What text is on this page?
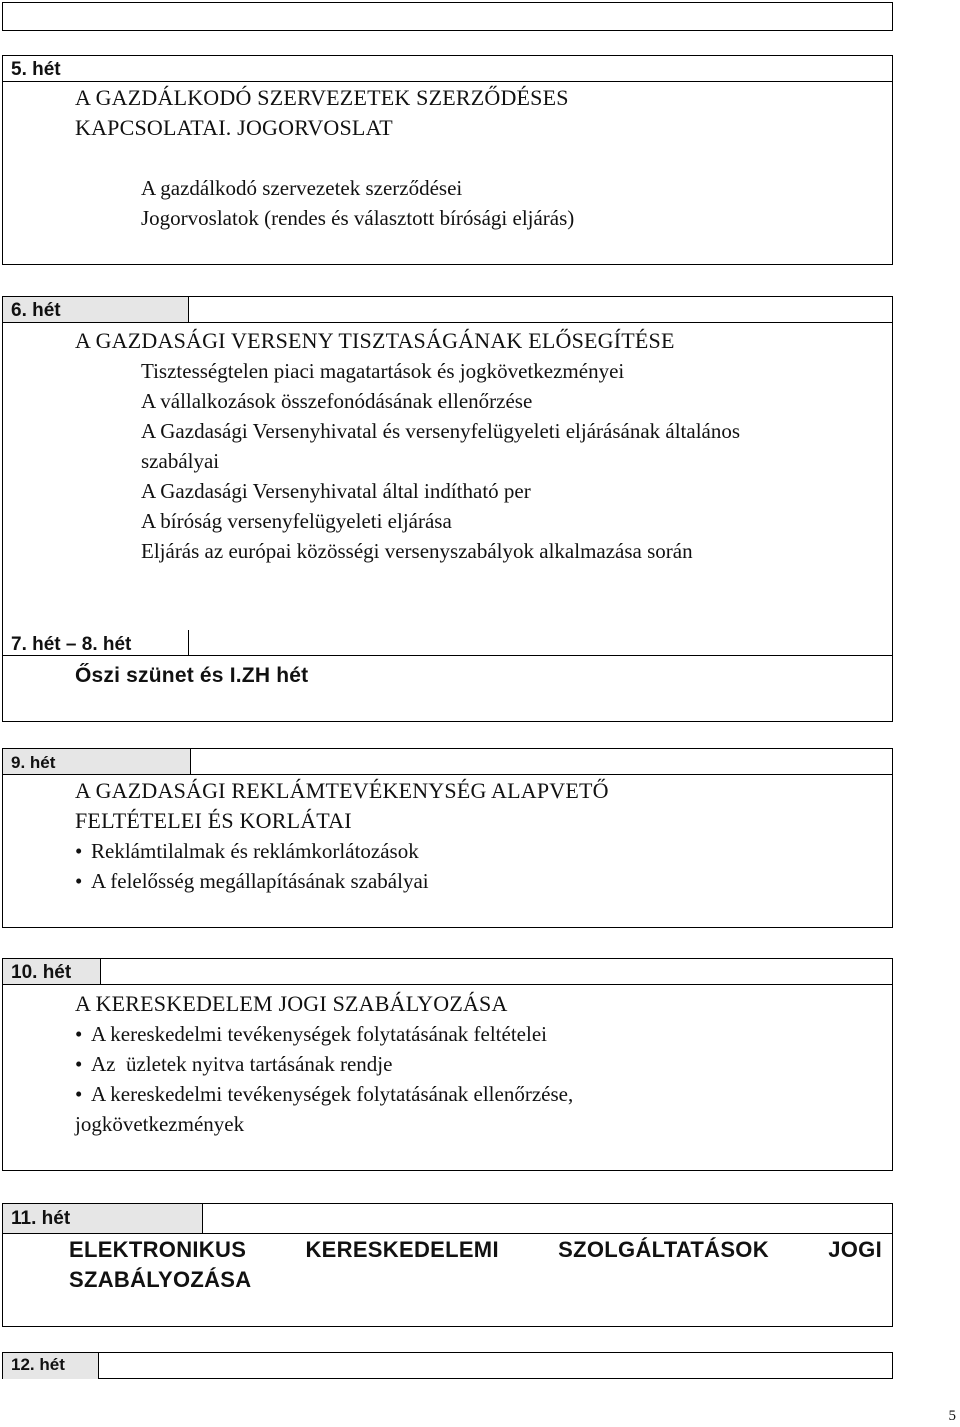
5. hét

A GAZDÁLKODÓ SZERVEZETEK SZERZŐDÉSES

KAPCSOLATAI. JOGORVOSLAT

A gazdálkodó szervezetek szerződései

Jogorvoslatok (rendes és választott bírósági eljárás)

6. hét

A GAZDASÁGI VERSENY TISZTASÁGÁNAK ELŐSEGÍTÉSE

Tisztességtelen piaci magatartások és jogkövetkezményei

A vállalkozások összefonódásának ellenőrzése

A Gazdasági Versenyhivatal és versenyfelügyeleti eljárásának általános

szabályai

A Gazdasági Versenyhivatal által indítható per

A bíróság versenyfelügyeleti eljárása

Eljárás az európai közösségi versenyszabályok alkalmazása során

7. hét – 8. hét

Őszi szünet és I.ZH hét

9. hét

A GAZDASÁGI REKLÁMTEVÉKENYSÉG ALAPVETŐ

FELTÉTELEI ÉS KORLÁTAI

• Reklámtilalmak és reklámkorlátozások

• A felelősség megállapításának szabályai

10. hét

A KERESKEDELEM JOGI SZABÁLYOZÁSA

• A kereskedelmi tevékenységek folytatásának feltételei

• Az  üzletek nyitva tartásának rendje

• A kereskedelmi tevékenységek folytatásának ellenőrzése,

jogkövetkezmények

11. hét

ELEKTRONIKUS KERESKEDELEMI SZOLGÁLTATÁSOK JOGI

SZABÁLYOZÁSA

12. hét
5
